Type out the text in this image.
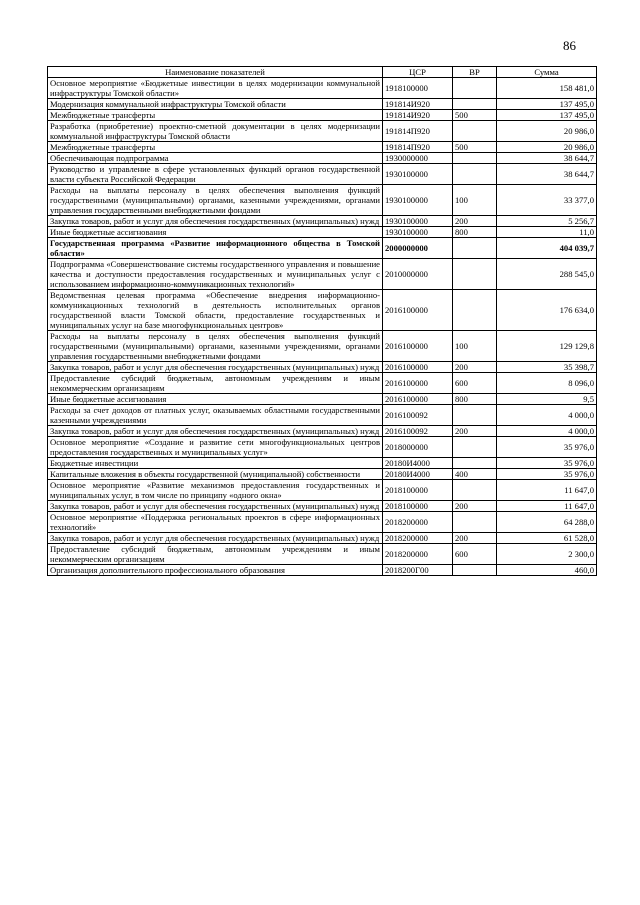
86
Наименование показателей	ЦСР	ВР	Сумма
Основное мероприятие «Бюджетные инвестиции в целях модернизации коммунальной инфраструктуры Томской области»	1918100000		158 481,0
Модернизация коммунальной инфраструктуры Томской области	191814И920		137 495,0
Межбюджетные трансферты	191814И920	500	137 495,0
Разработка (приобретение) проектно-сметной документации в целях модернизации коммунальной инфраструктуры Томской области	191814П920		20 986,0
Межбюджетные трансферты	191814П920	500	20 986,0
Обеспечивающая подпрограмма	1930000000		38 644,7
Руководство и управление в сфере установленных функций органов государственной власти субъекта Российской Федерации	1930100000		38 644,7
Расходы на выплаты персоналу в целях обеспечения выполнения функций государственными (муниципальными) органами, казенными учреждениями, органами управления государственными внебюджетными фондами	1930100000	100	33 377,0
Закупка товаров, работ и услуг для обеспечения государственных (муниципальных) нужд	1930100000	200	5 256,7
Иные бюджетные ассигнования	1930100000	800	11,0
Государственная программа «Развитие информационного общества в Томской области»	2000000000		404 039,7
Подпрограмма «Совершенствование системы государственного управления и повышение качества и доступности предоставления государственных и муниципальных услуг с использованием информационно-коммуникационных технологий»	2010000000		288 545,0
Ведомственная целевая программа «Обеспечение внедрения информационно-коммуникационных технологий в деятельность исполнительных органов государственной власти Томской области, предоставление государственных и муниципальных услуг на базе многофункциональных центров»	2016100000		176 634,0
Расходы на выплаты персоналу в целях обеспечения выполнения функций государственными (муниципальными) органами, казенными учреждениями, органами управления государственными внебюджетными фондами	2016100000	100	129 129,8
Закупка товаров, работ и услуг для обеспечения государственных (муниципальных) нужд	2016100000	200	35 398,7
Предоставление субсидий бюджетным, автономным учреждениям и иным некоммерческим организациям	2016100000	600	8 096,0
Иные бюджетные ассигнования	2016100000	800	9,5
Расходы за счет доходов от платных услуг, оказываемых областными государственными казенными учреждениями	2016100092		4 000,0
Закупка товаров, работ и услуг для обеспечения государственных (муниципальных) нужд	2016100092	200	4 000,0
Основное мероприятие «Создание и развитие сети многофункциональных центров предоставления государственных и муниципальных услуг»	2018000000		35 976,0
Бюджетные инвестиции	20180И4000		35 976,0
Капитальные вложения в объекты государственной (муниципальной) собственности	20180И4000	400	35 976,0
Основное мероприятие «Развитие механизмов предоставления государственных и муниципальных услуг, в том числе по принципу «одного окна»	2018100000		11 647,0
Закупка товаров, работ и услуг для обеспечения государственных (муниципальных) нужд	2018100000	200	11 647,0
Основное мероприятие «Поддержка региональных проектов в сфере информационных технологий»	2018200000		64 288,0
Закупка товаров, работ и услуг для обеспечения государственных (муниципальных) нужд	2018200000	200	61 528,0
Предоставление субсидий бюджетным, автономным учреждениям и иным некоммерческим организациям	2018200000	600	2 300,0
Организация дополнительного профессионального образования	2018200Г00		460,0
